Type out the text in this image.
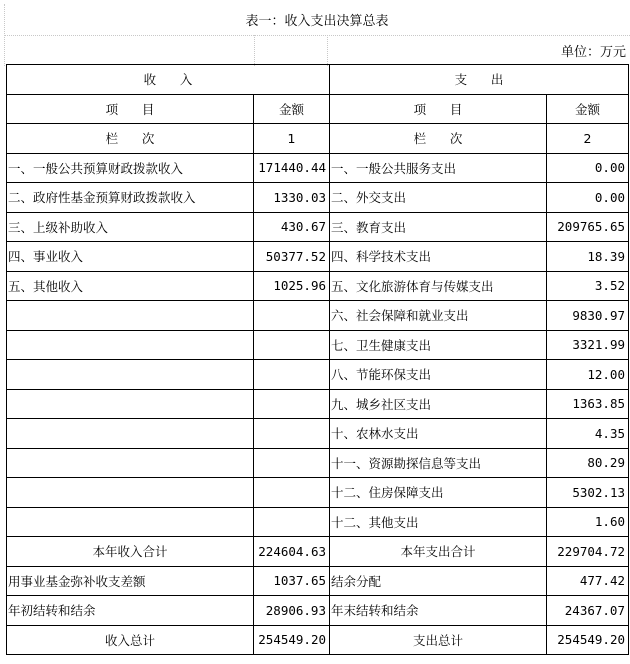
表一：收入支出决算总表
单位：万元
收      入		支      出	
项      目	金额	项      目	金额
栏      次	1	栏      次	2
一、一般公共预算财政拨款收入	171440.44	一、一般公共服务支出	0.00
二、政府性基金预算财政拨款收入	1330.03	二、外交支出	0.00
三、上级补助收入	430.67	三、教育支出	209765.65
四、事业收入	50377.52	四、科学技术支出	18.39
五、其他收入	1025.96	五、文化旅游体育与传媒支出	3.52
		六、社会保障和就业支出	9830.97
		七、卫生健康支出	3321.99
		八、节能环保支出	12.00
		九、城乡社区支出	1363.85
		十、农林水支出	4.35
		十一、资源勘探信息等支出	80.29
		十二、住房保障支出	5302.13
		十二、其他支出	1.60
本年收入合计	224604.63	本年支出合计	229704.72
用事业基金弥补收支差额	1037.65	结余分配	477.42
年初结转和结余	28906.93	年末结转和结余	24367.07
收入总计	254549.20	支出总计	254549.20
